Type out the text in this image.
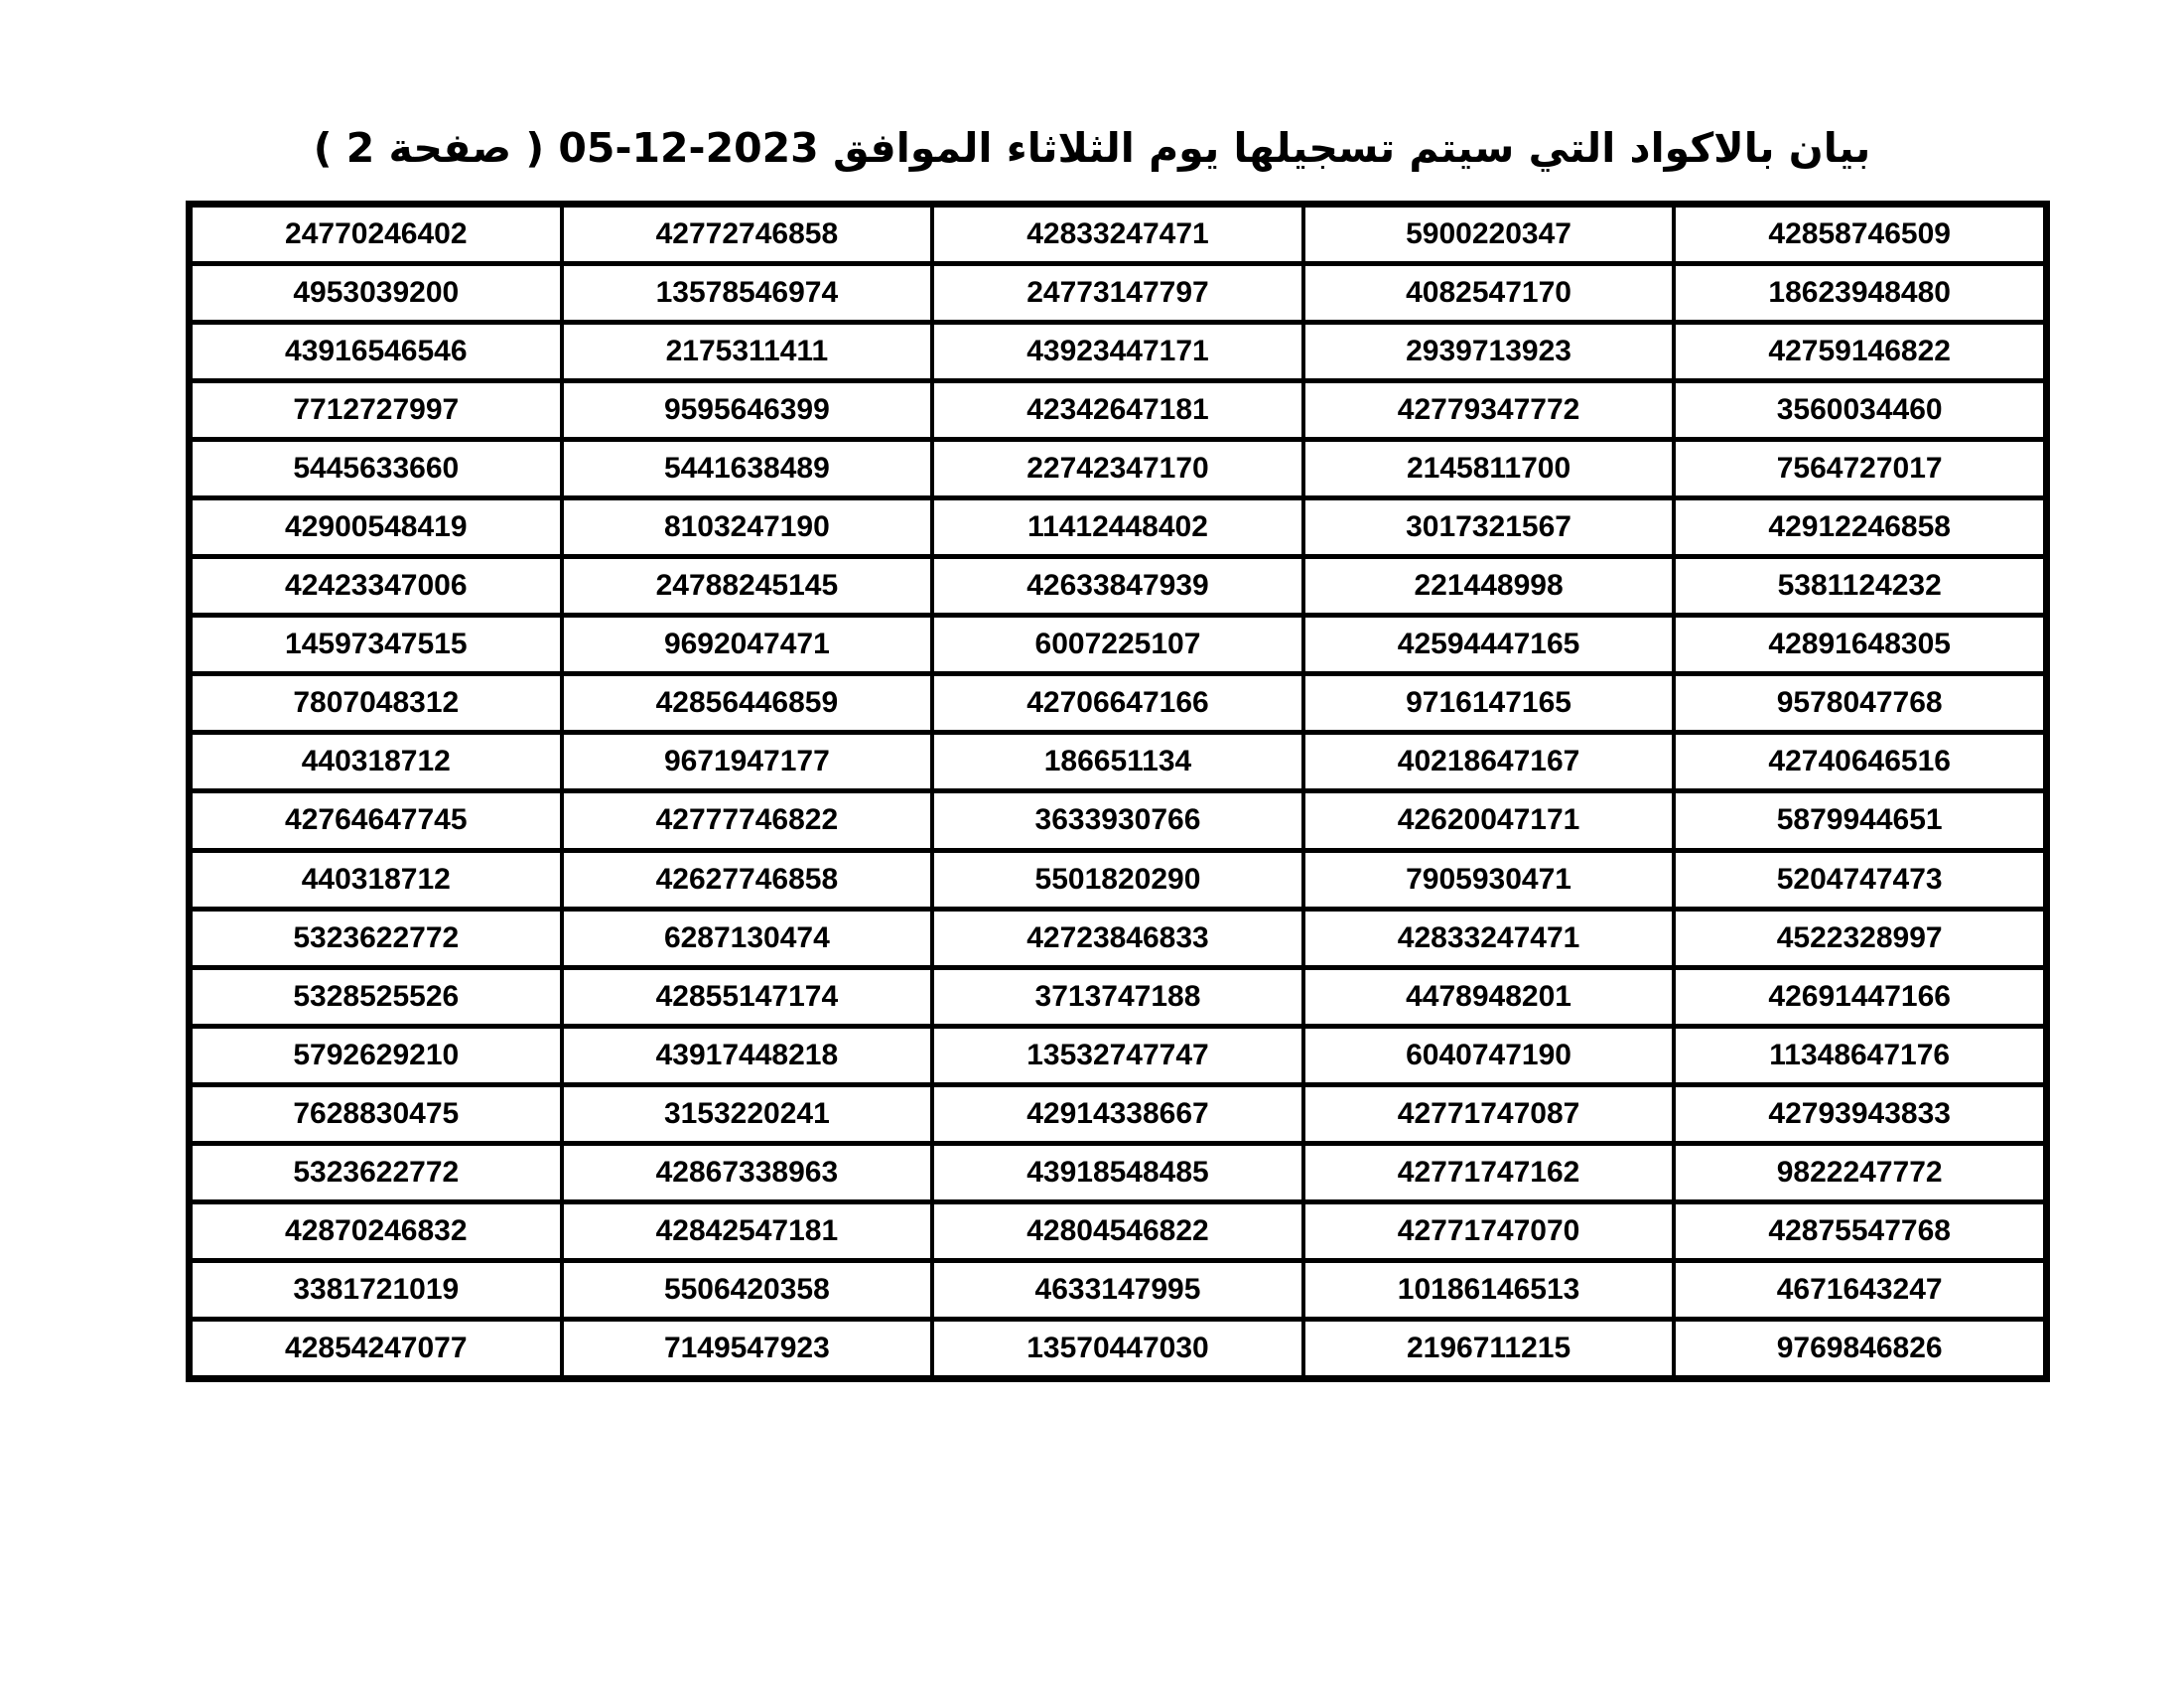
بيان بالاكواد التي سيتم تسجيلها يوم الثلاثاء الموافق 2023-12-05 ( صفحة 2 )
24770246402	42772746858	42833247471	5900220347	42858746509
4953039200	13578546974	24773147797	4082547170	18623948480
43916546546	2175311411	43923447171	2939713923	42759146822
7712727997	9595646399	42342647181	42779347772	3560034460
5445633660	5441638489	22742347170	2145811700	7564727017
42900548419	8103247190	11412448402	3017321567	42912246858
42423347006	24788245145	42633847939	221448998	5381124232
14597347515	9692047471	6007225107	42594447165	42891648305
7807048312	42856446859	42706647166	9716147165	9578047768
440318712	9671947177	186651134	40218647167	42740646516
42764647745	42777746822	3633930766	42620047171	5879944651
440318712	42627746858	5501820290	7905930471	5204747473
5323622772	6287130474	42723846833	42833247471	4522328997
5328525526	42855147174	3713747188	4478948201	42691447166
5792629210	43917448218	13532747747	6040747190	11348647176
7628830475	3153220241	42914338667	42771747087	42793943833
5323622772	42867338963	43918548485	42771747162	9822247772
42870246832	42842547181	42804546822	42771747070	42875547768
3381721019	5506420358	4633147995	10186146513	4671643247
42854247077	7149547923	13570447030	2196711215	9769846826
